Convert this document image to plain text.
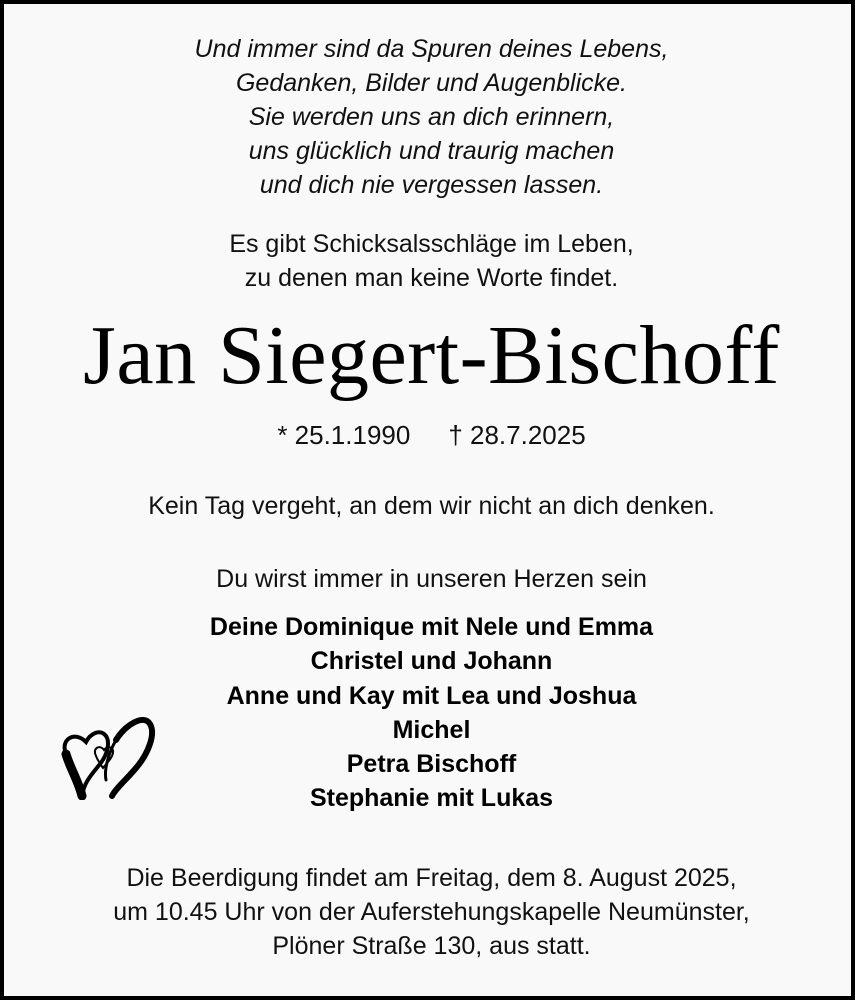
Und immer sind da Spuren deines Lebens,
Gedanken, Bilder und Augenblicke.
Sie werden uns an dich erinnern,
uns glücklich und traurig machen
und dich nie vergessen lassen.
Es gibt Schicksalsschläge im Leben,
zu denen man keine Worte findet.
Jan Siegert-Bischoff
* 25.1.1990 † 28.7.2025
Kein Tag vergeht, an dem wir nicht an dich denken.
Du wirst immer in unseren Herzen sein
Deine Dominique mit Nele und Emma
Christel und Johann
Anne und Kay mit Lea und Joshua
Michel
Petra Bischoff
Stephanie mit Lukas
Die Beerdigung findet am Freitag, dem 8. August 2025,
um 10.45 Uhr von der Auferstehungskapelle Neumünster,
Plöner Straße 130, aus statt.
